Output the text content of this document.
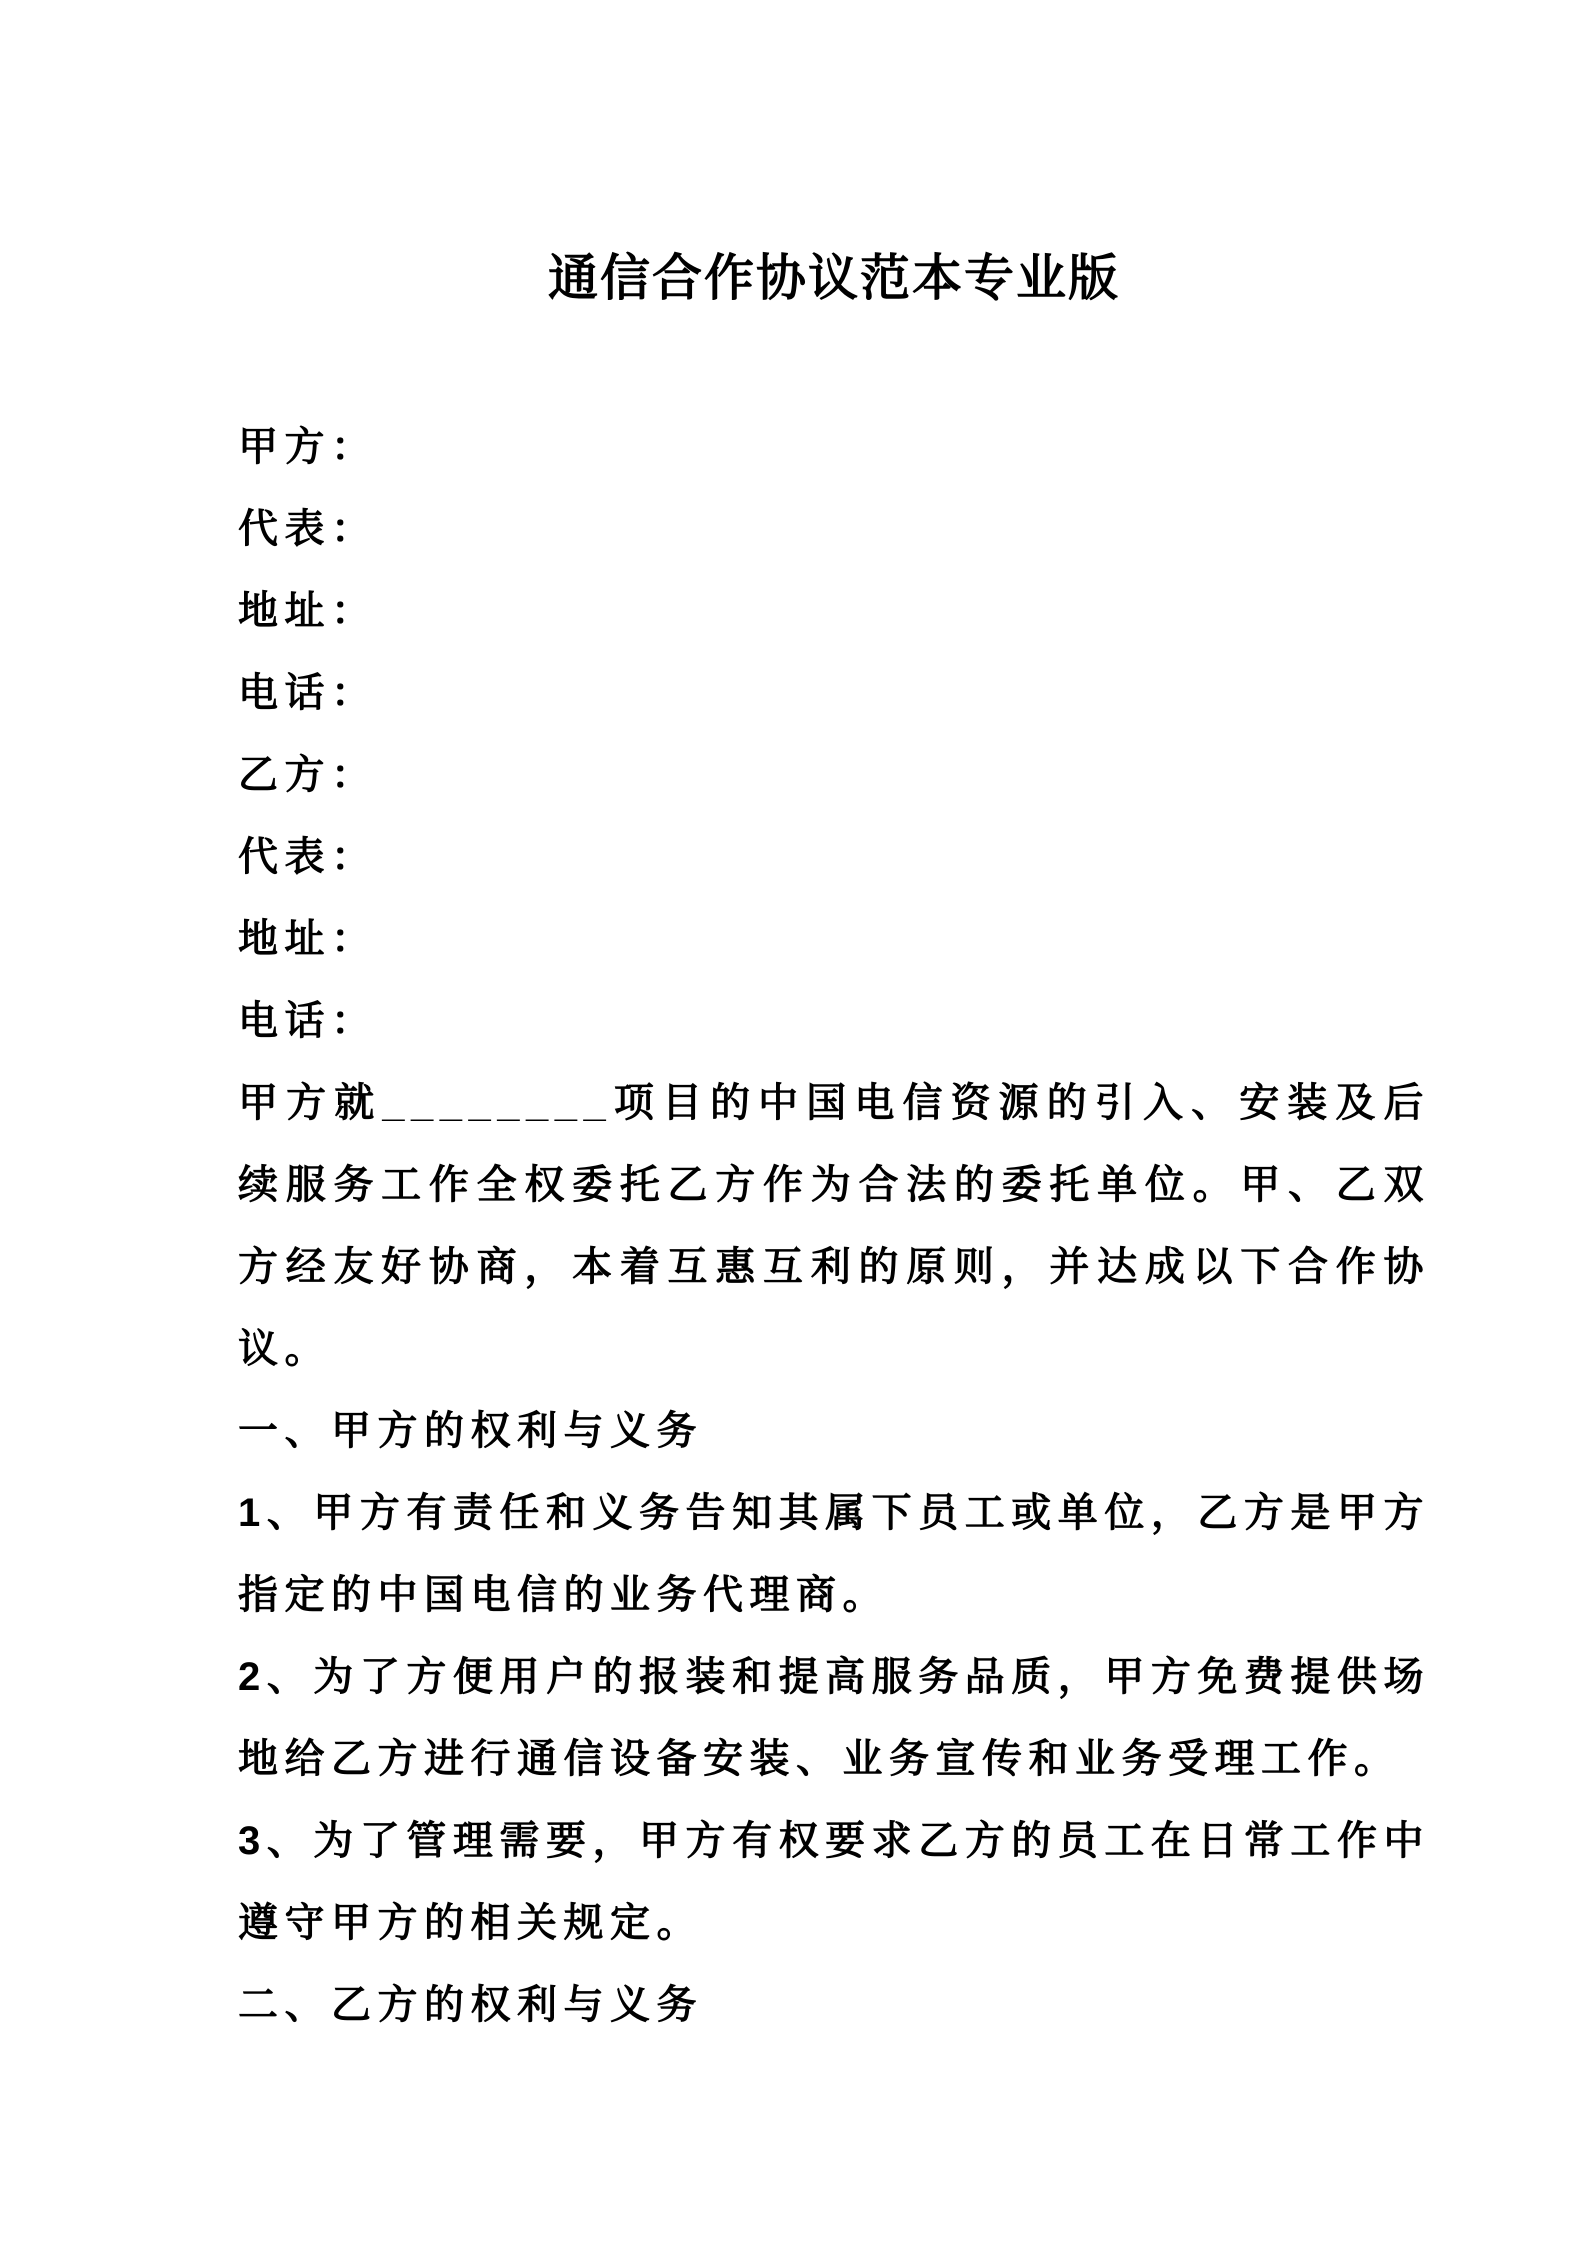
通信合作协议范本专业版

甲方：

代表：

地址：

电话：

乙方：

代表：

地址：

电话：

甲方就________项目的中国电信资源的引入、安装及后续服务工作全权委托乙方作为合法的委托单位。甲、乙双方经友好协商，本着互惠互利的原则，并达成以下合作协议。

一、甲方的权利与义务

1、甲方有责任和义务告知其属下员工或单位，乙方是甲方指定的中国电信的业务代理商。

2、为了方便用户的报装和提高服务品质，甲方免费提供场地给乙方进行通信设备安装、业务宣传和业务受理工作。

3、为了管理需要，甲方有权要求乙方的员工在日常工作中遵守甲方的相关规定。

二、乙方的权利与义务
